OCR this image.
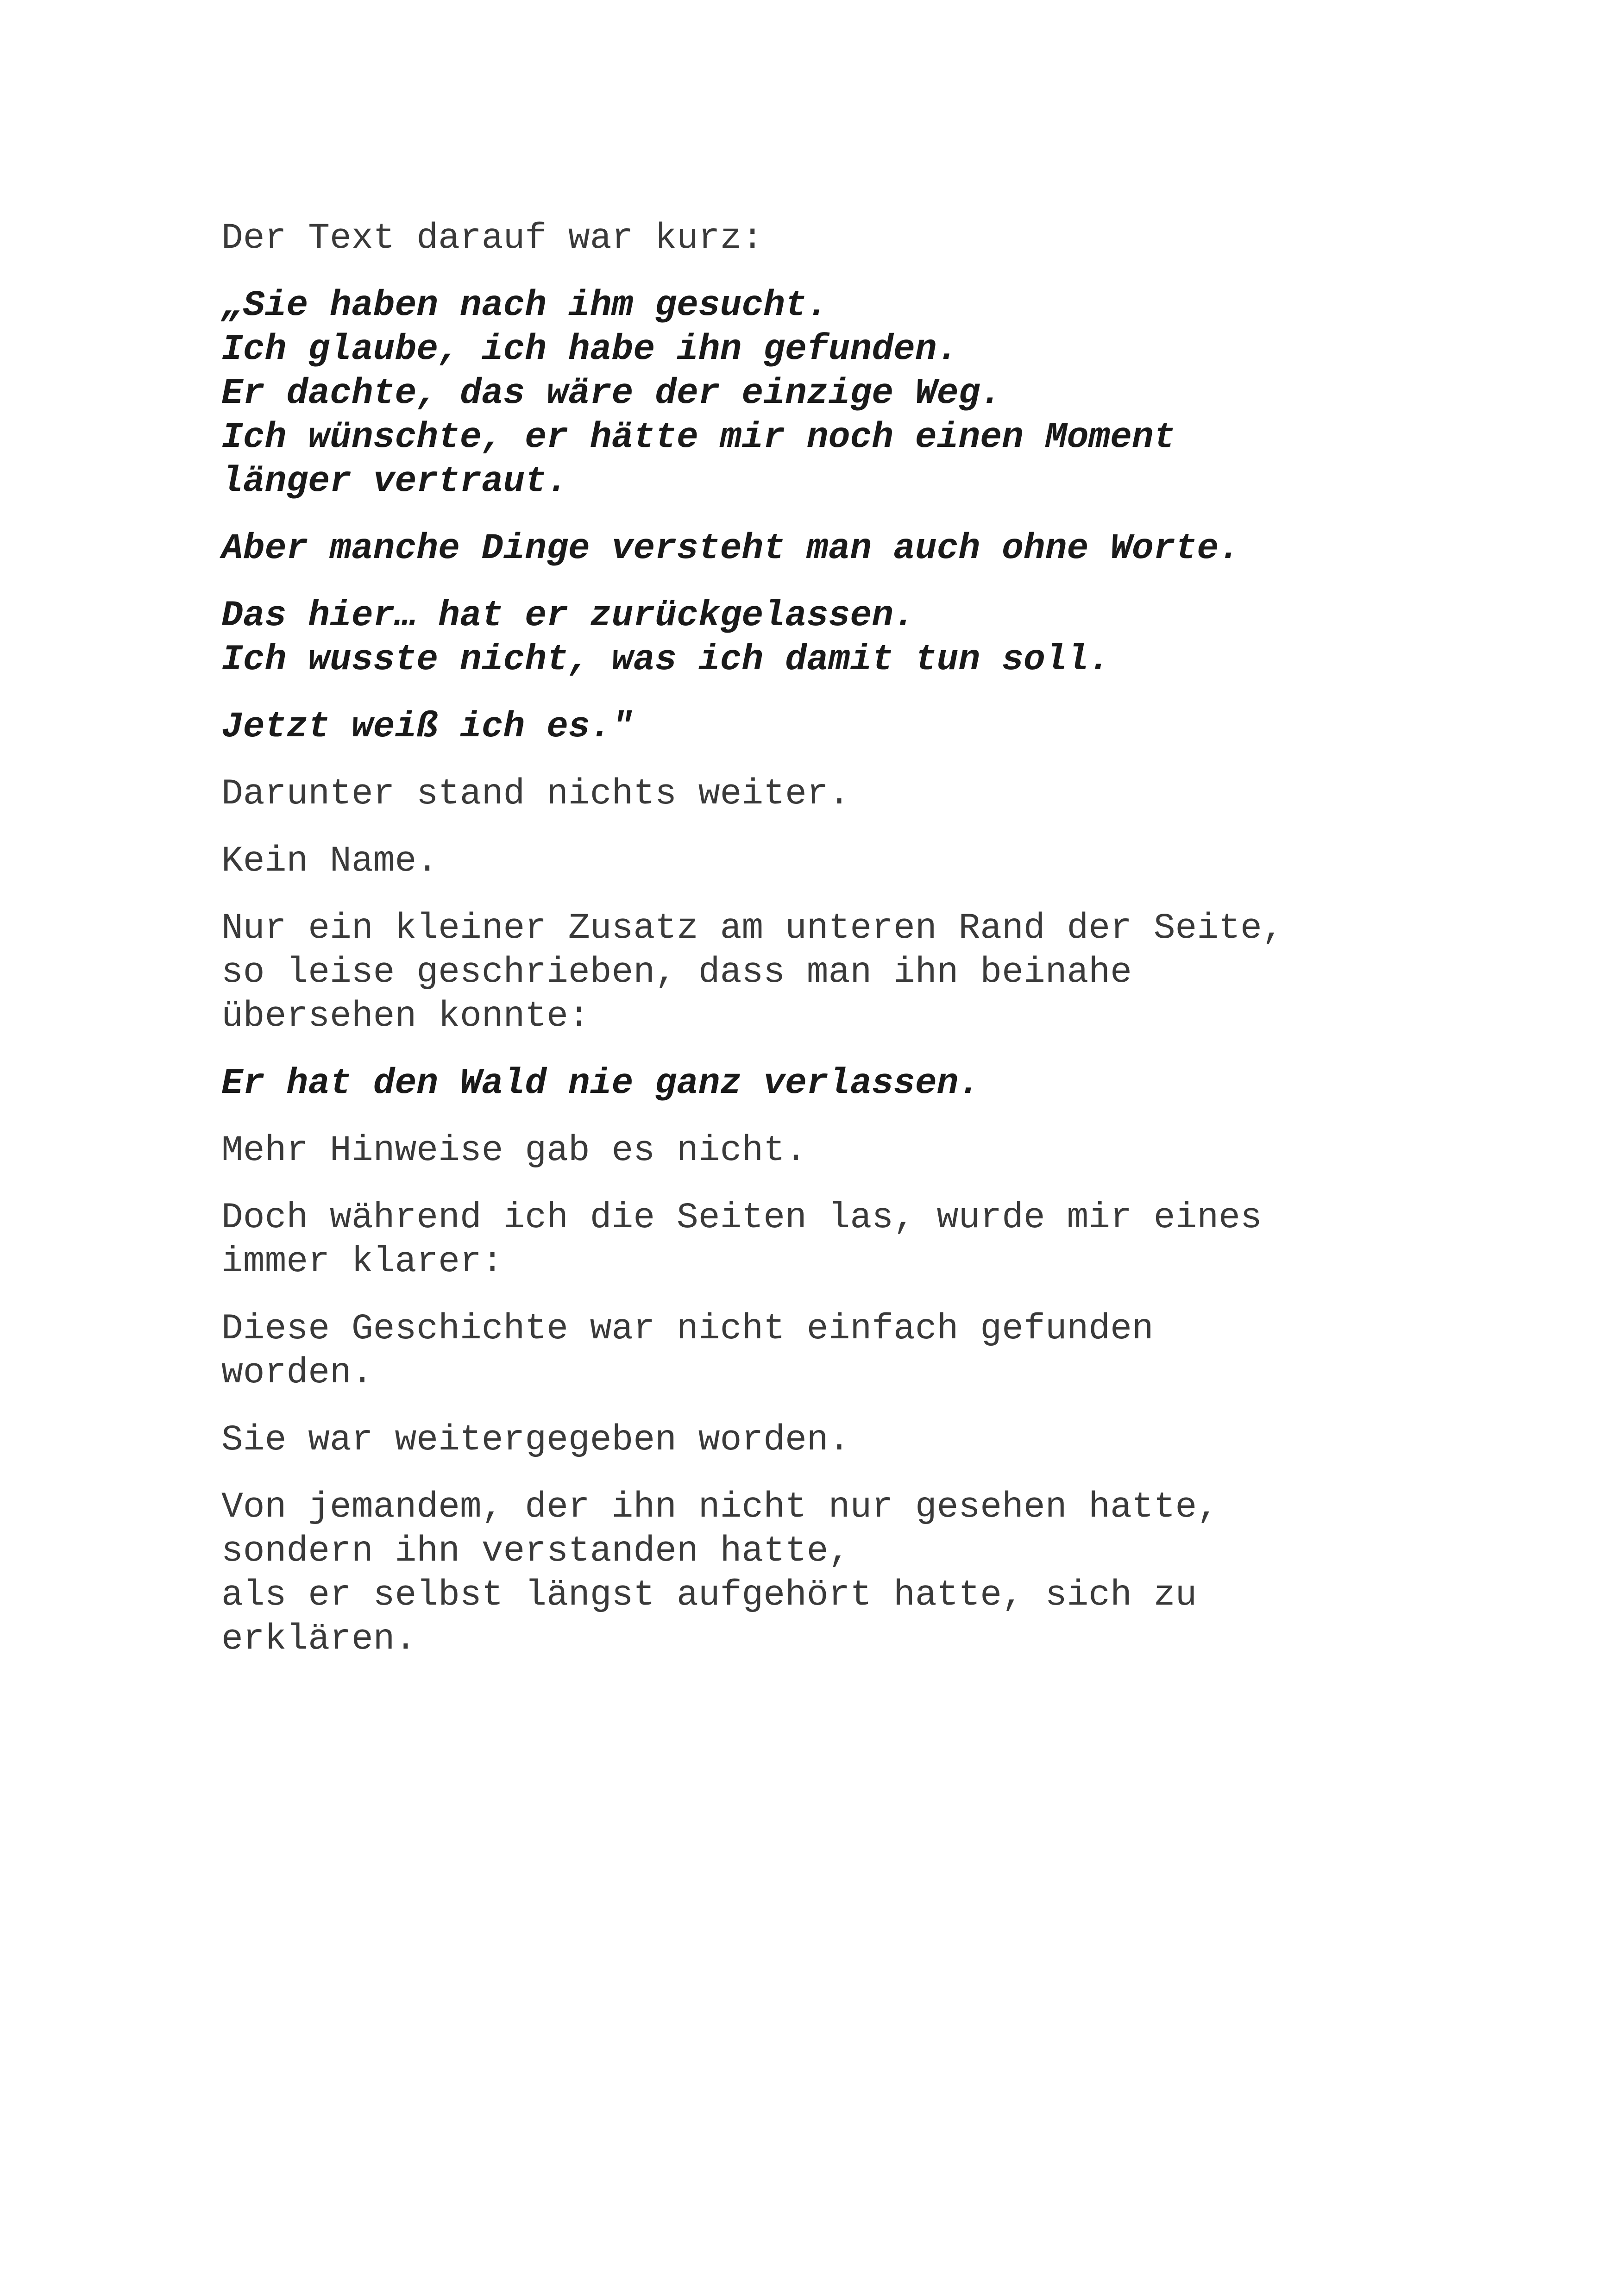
Der Text darauf war kurz:

„Sie haben nach ihm gesucht.
Ich glaube, ich habe ihn gefunden.
Er dachte, das wäre der einzige Weg.
Ich wünschte, er hätte mir noch einen Moment
länger vertraut.

Aber manche Dinge versteht man auch ohne Worte.

Das hier… hat er zurückgelassen.
Ich wusste nicht, was ich damit tun soll.

Jetzt weiß ich es."

Darunter stand nichts weiter.

Kein Name.

Nur ein kleiner Zusatz am unteren Rand der Seite,
so leise geschrieben, dass man ihn beinahe
übersehen konnte:

Er hat den Wald nie ganz verlassen.

Mehr Hinweise gab es nicht.

Doch während ich die Seiten las, wurde mir eines
immer klarer:

Diese Geschichte war nicht einfach gefunden
worden.

Sie war weitergegeben worden.

Von jemandem, der ihn nicht nur gesehen hatte,
sondern ihn verstanden hatte,
als er selbst längst aufgehört hatte, sich zu
erklären.
